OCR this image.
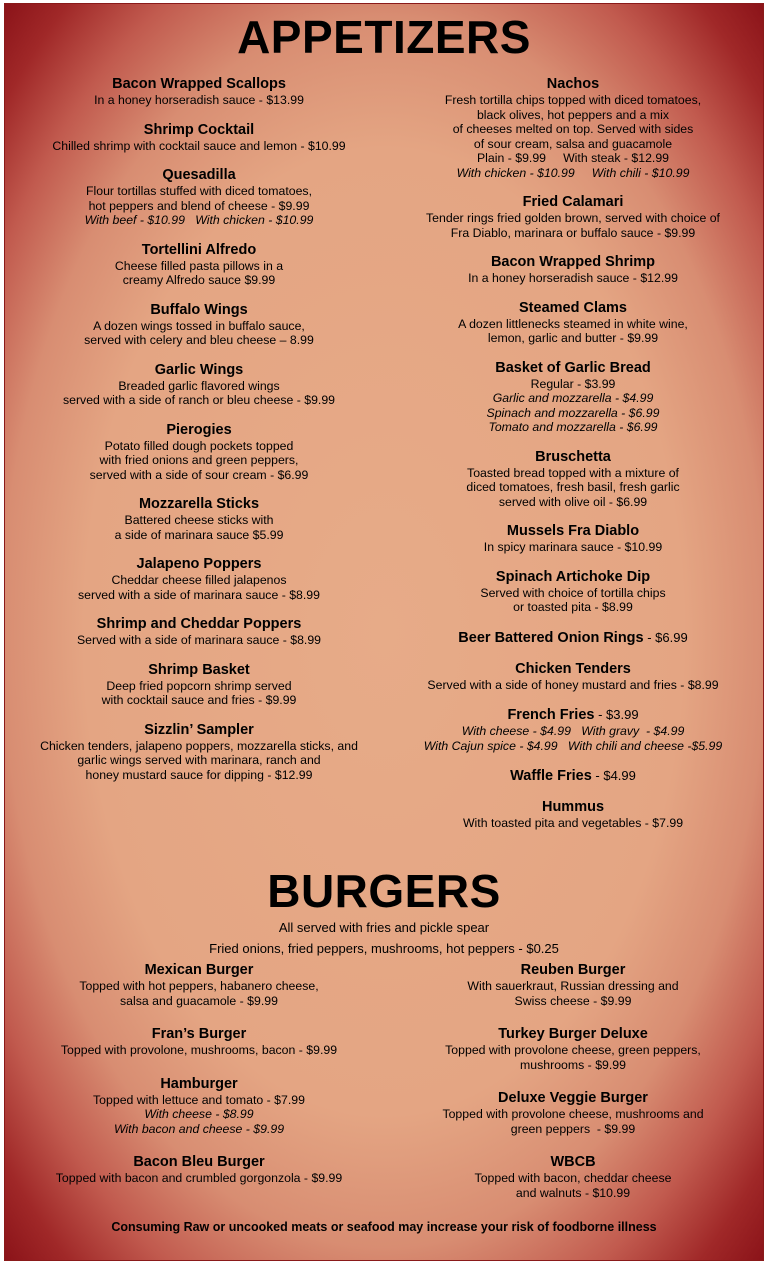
APPETIZERS

Bacon Wrapped Scallops

In a honey horseradish sauce - $13.99

Shrimp Cocktail

Chilled shrimp with cocktail sauce and lemon - $10.99

Quesadilla

Flour tortillas stuffed with diced tomatoes,

hot peppers and blend of cheese - $9.99

With beef - $10.99   With chicken - $10.99

Tortellini Alfredo

Cheese filled pasta pillows in a

creamy Alfredo sauce $9.99

Buffalo Wings

A dozen wings tossed in buffalo sauce,

served with celery and bleu cheese – 8.99

Garlic Wings

Breaded garlic flavored wings

served with a side of ranch or bleu cheese - $9.99

Pierogies

Potato filled dough pockets topped

with fried onions and green peppers,

served with a side of sour cream - $6.99

Mozzarella Sticks

Battered cheese sticks with

a side of marinara sauce $5.99

Jalapeno Poppers

Cheddar cheese filled jalapenos

served with a side of marinara sauce - $8.99

Shrimp and Cheddar Poppers

Served with a side of marinara sauce - $8.99

Shrimp Basket

Deep fried popcorn shrimp served

with cocktail sauce and fries - $9.99

Sizzlin’ Sampler

Chicken tenders, jalapeno poppers, mozzarella sticks, and

garlic wings served with marinara, ranch and

honey mustard sauce for dipping - $12.99

Nachos

Fresh tortilla chips topped with diced tomatoes,

black olives, hot peppers and a mix

of cheeses melted on top. Served with sides

of sour cream, salsa and guacamole

Plain - $9.99     With steak - $12.99

With chicken - $10.99     With chili - $10.99

Fried Calamari

Tender rings fried golden brown, served with choice of

Fra Diablo, marinara or buffalo sauce - $9.99

Bacon Wrapped Shrimp

In a honey horseradish sauce - $12.99

Steamed Clams

A dozen littlenecks steamed in white wine,

lemon, garlic and butter - $9.99

Basket of Garlic Bread

Regular - $3.99

Garlic and mozzarella - $4.99

Spinach and mozzarella - $6.99

Tomato and mozzarella - $6.99

Bruschetta

Toasted bread topped with a mixture of

diced tomatoes, fresh basil, fresh garlic

served with olive oil - $6.99

Mussels Fra Diablo

In spicy marinara sauce - $10.99

Spinach Artichoke Dip

Served with choice of tortilla chips

or toasted pita - $8.99

Beer Battered Onion Rings - $6.99

Chicken Tenders

Served with a side of honey mustard and fries - $8.99

French Fries - $3.99

With cheese - $4.99   With gravy  - $4.99

With Cajun spice - $4.99   With chili and cheese -$5.99

Waffle Fries - $4.99

Hummus

With toasted pita and vegetables - $7.99

BURGERS

All served with fries and pickle spear

Fried onions, fried peppers, mushrooms, hot peppers - $0.25

Mexican Burger

Topped with hot peppers, habanero cheese,

salsa and guacamole - $9.99

Fran’s Burger

Topped with provolone, mushrooms, bacon - $9.99

Hamburger

Topped with lettuce and tomato - $7.99

With cheese - $8.99

With bacon and cheese - $9.99

Bacon Bleu Burger

Topped with bacon and crumbled gorgonzola - $9.99

Reuben Burger

With sauerkraut, Russian dressing and

Swiss cheese - $9.99

Turkey Burger Deluxe

Topped with provolone cheese, green peppers,

mushrooms - $9.99

Deluxe Veggie Burger

Topped with provolone cheese, mushrooms and

green peppers  - $9.99

WBCB

Topped with bacon, cheddar cheese

and walnuts - $10.99

Consuming Raw or uncooked meats or seafood may increase your risk of foodborne illness
